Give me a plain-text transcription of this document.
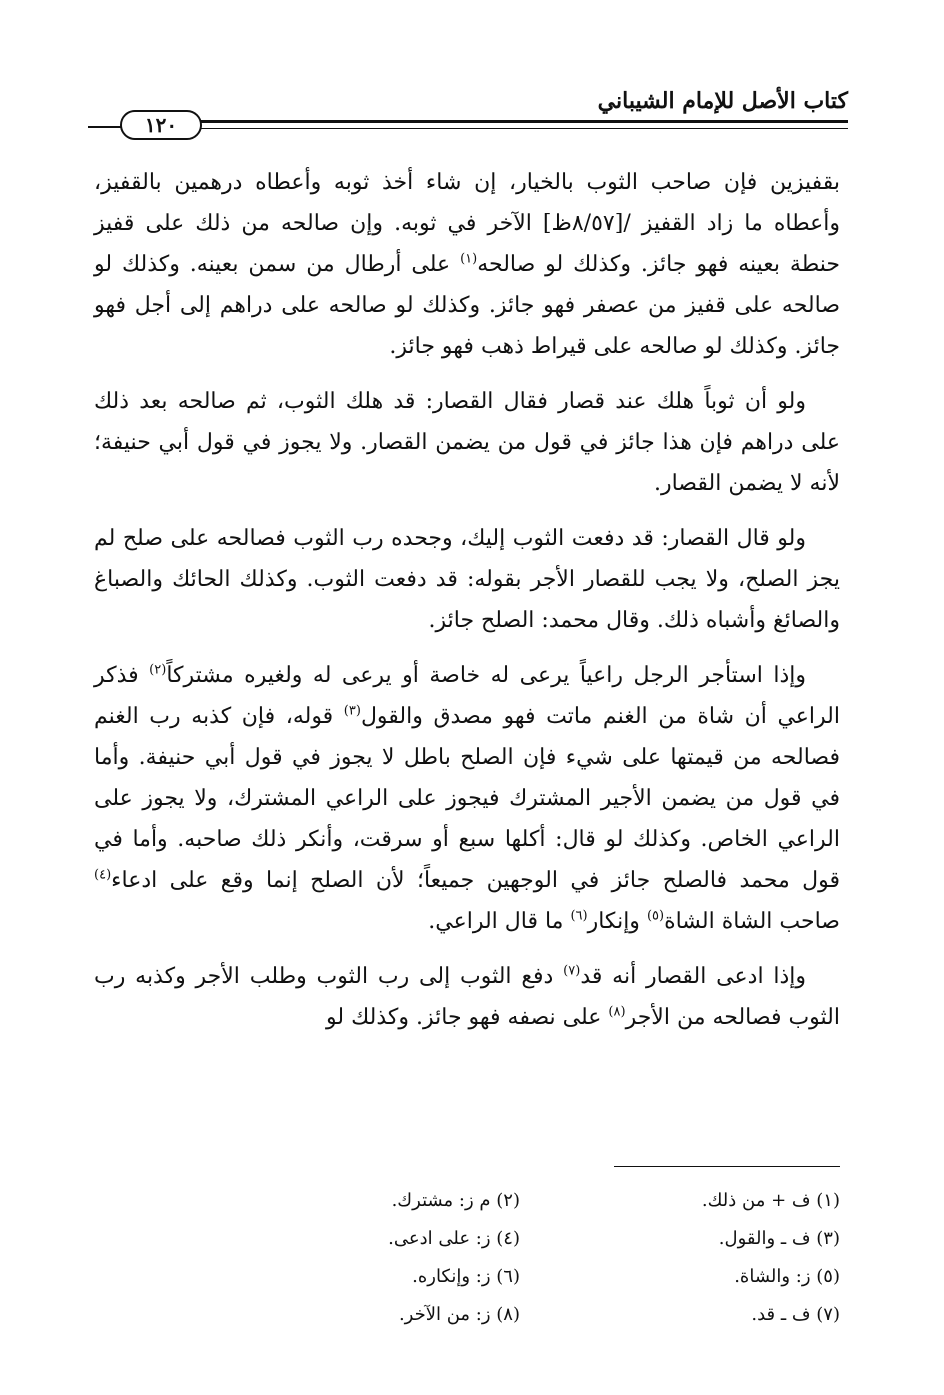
كتاب الأصل للإمام الشيباني
١٢٠

بقفيزين فإن صاحب الثوب بالخيار، إن شاء أخذ ثوبه وأعطاه درهمين بالقفيز، وأعطاه ما زاد القفيز /[٨/٥٧ظ] الآخر في ثوبه. وإن صالحه من ذلك على قفيز حنطة بعينه فهو جائز. وكذلك لو صالحه$^{(١)}$ على أرطال من سمن بعينه. وكذلك لو صالحه على قفيز من عصفر فهو جائز. وكذلك لو صالحه على دراهم إلى أجل فهو جائز. وكذلك لو صالحه على قيراط ذهب فهو جائز.

ولو أن ثوباً هلك عند قصار فقال القصار: قد هلك الثوب، ثم صالحه بعد ذلك على دراهم فإن هذا جائز في قول من يضمن القصار. ولا يجوز في قول أبي حنيفة؛ لأنه لا يضمن القصار.

ولو قال القصار: قد دفعت الثوب إليك، وجحده رب الثوب فصالحه على صلح لم يجز الصلح، ولا يجب للقصار الأجر بقوله: قد دفعت الثوب. وكذلك الحائك والصباغ والصائغ وأشباه ذلك. وقال محمد: الصلح جائز.

وإذا استأجر الرجل راعياً يرعى له خاصة أو يرعى له ولغيره مشتركاً$^{(٢)}$ فذكر الراعي أن شاة من الغنم ماتت فهو مصدق والقول$^{(٣)}$ قوله، فإن كذبه رب الغنم فصالحه من قيمتها على شيء فإن الصلح باطل لا يجوز في قول أبي حنيفة. وأما في قول من يضمن الأجير المشترك فيجوز على الراعي المشترك، ولا يجوز على الراعي الخاص. وكذلك لو قال: أكلها سبع أو سرقت، وأنكر ذلك صاحبه. وأما في قول محمد فالصلح جائز في الوجهين جميعاً؛ لأن الصلح إنما وقع على ادعاء$^{(٤)}$ صاحب الشاة الشاة$^{(٥)}$ وإنكار$^{(٦)}$ ما قال الراعي.

وإذا ادعى القصار أنه قد$^{(٧)}$ دفع الثوب إلى رب الثوب وطلب الأجر وكذبه رب الثوب فصالحه من الأجر$^{(٨)}$ على نصفه فهو جائز. وكذلك لو

(١) ف + من ذلك.
(٢) م ز: مشترك.
(٣) ف ـ والقول.
(٤) ز: على ادعى.
(٥) ز: والشاة.
(٦) ز: وإنكاره.
(٧) ف ـ قد.
(٨) ز: من الآخر.
